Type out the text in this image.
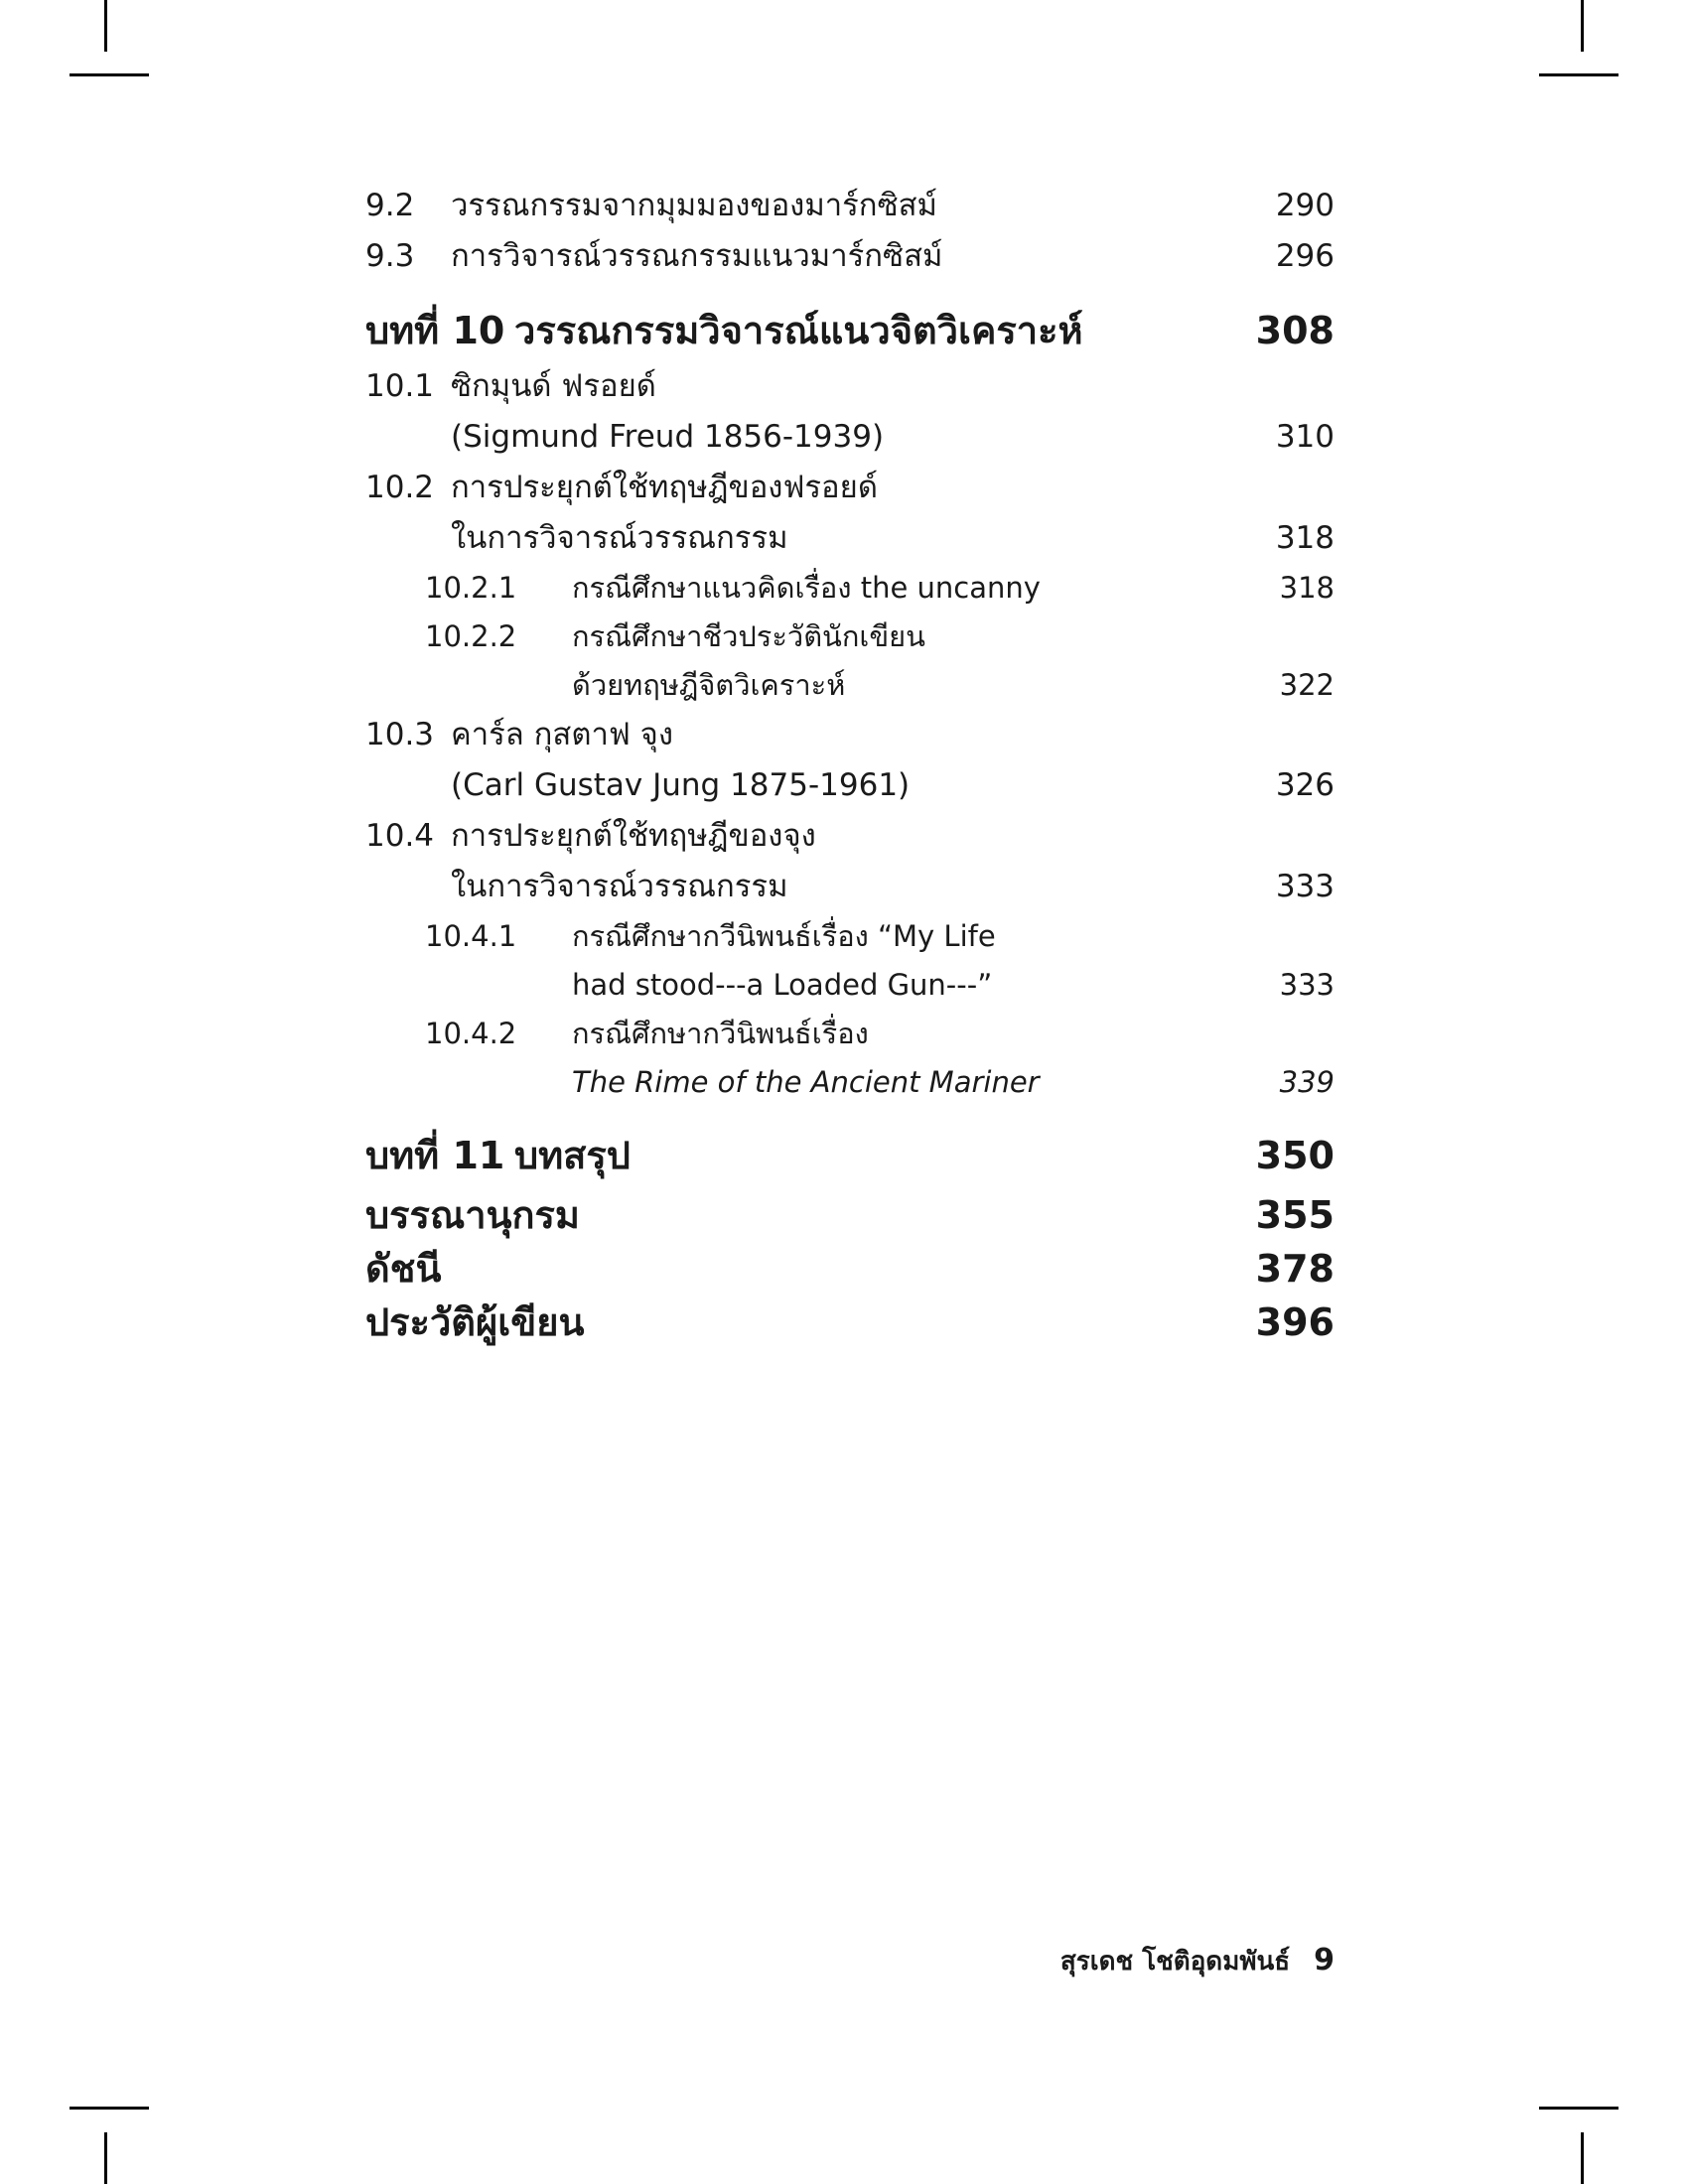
9.2	วรรณกรรมจากมุมมองของมาร์กซิสม์	290
9.3	การวิจารณ์วรรณกรรมแนวมาร์กซิสม์	296
บทที่ 10 วรรณกรรมวิจารณ์แนวจิตวิเคราะห์	308
10.1 ซิกมุนด์ ฟรอยด์
(Sigmund Freud 1856-1939)	310
10.2 การประยุกต์ใช้ทฤษฎีของฟรอยด์
ในการวิจารณ์วรรณกรรม	318
10.2.1	กรณีศึกษาแนวคิดเรื่อง the uncanny	318
10.2.2	กรณีศึกษาชีวประวัตินักเขียน
ด้วยทฤษฎีจิตวิเคราะห์	322
10.3 คาร์ล กุสตาฟ จุง
(Carl Gustav Jung 1875-1961)	326
10.4 การประยุกต์ใช้ทฤษฎีของจุง
ในการวิจารณ์วรรณกรรม	333
10.4.1	กรณีศึกษากวีนิพนธ์เรื่อง “My Life
had stood---a Loaded Gun---”	333
10.4.2	กรณีศึกษากวีนิพนธ์เรื่อง
The Rime of the Ancient Mariner	339
บทที่ 11 บทสรุป	350
บรรณานุกรม	355
ดัชนี	378
ประวัติผู้เขียน	396
สุรเดช โชติอุดมพันธ์ 9
